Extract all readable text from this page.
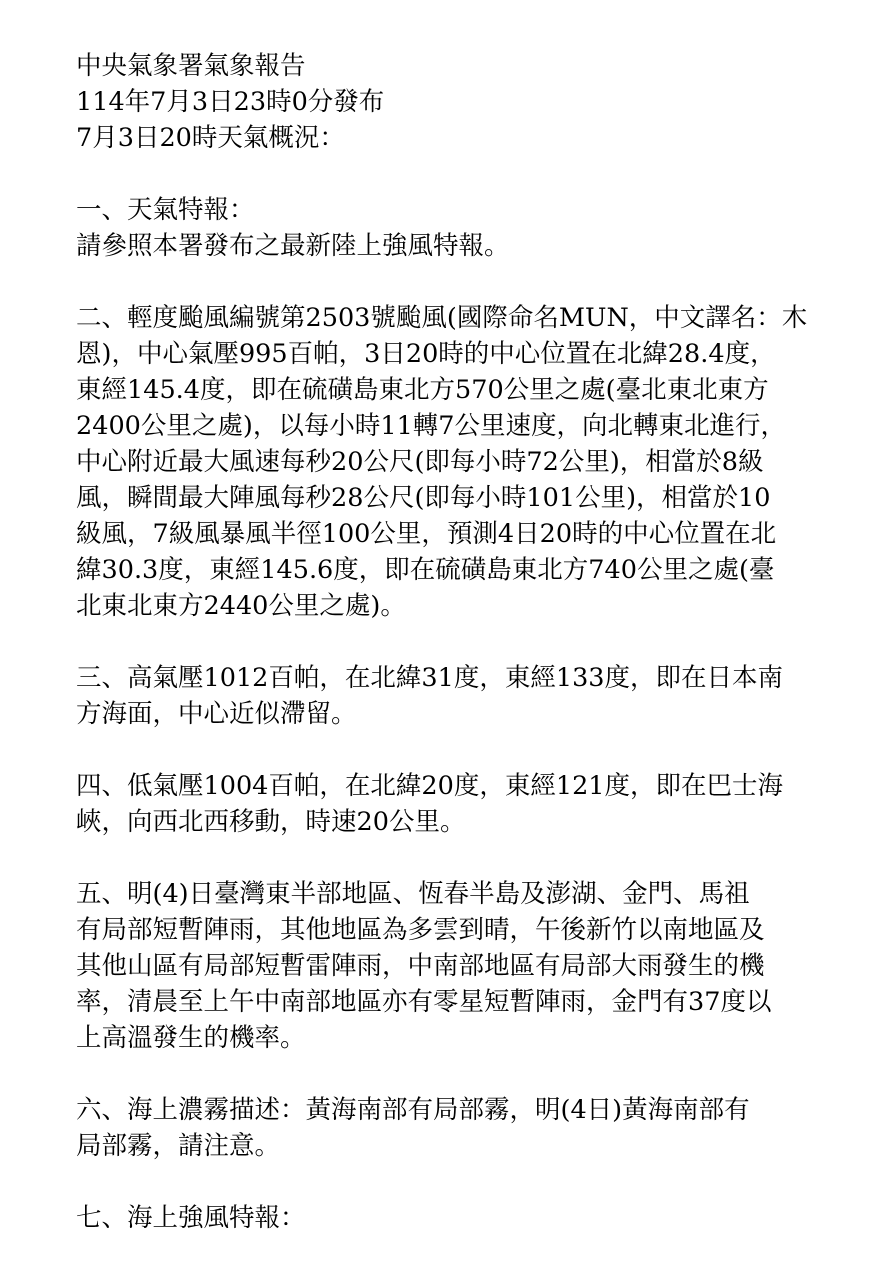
中央氣象署氣象報告
114年7月3日23時0分發布
7月3日20時天氣概況：
一、天氣特報：
請參照本署發布之最新陸上強風特報。
二、輕度颱風編號第2503號颱風(國際命名MUN，中文譯名：木
恩)，中心氣壓995百帕，3日20時的中心位置在北緯28.4度，
東經145.4度，即在硫磺島東北方570公里之處(臺北東北東方
2400公里之處)，以每小時11轉7公里速度，向北轉東北進行，
中心附近最大風速每秒20公尺(即每小時72公里)，相當於8級
風，瞬間最大陣風每秒28公尺(即每小時101公里)，相當於10
級風，7級風暴風半徑100公里，預測4日20時的中心位置在北
緯30.3度，東經145.6度，即在硫磺島東北方740公里之處(臺
北東北東方2440公里之處)。
三、高氣壓1012百帕，在北緯31度，東經133度，即在日本南
方海面，中心近似滯留。
四、低氣壓1004百帕，在北緯20度，東經121度，即在巴士海
峽，向西北西移動，時速20公里。
五、明(4)日臺灣東半部地區、恆春半島及澎湖、金門、馬祖
有局部短暫陣雨，其他地區為多雲到晴，午後新竹以南地區及
其他山區有局部短暫雷陣雨，中南部地區有局部大雨發生的機
率，清晨至上午中南部地區亦有零星短暫陣雨，金門有37度以
上高溫發生的機率。
六、海上濃霧描述：黃海南部有局部霧，明(4日)黃海南部有
局部霧，請注意。
七、海上強風特報：
